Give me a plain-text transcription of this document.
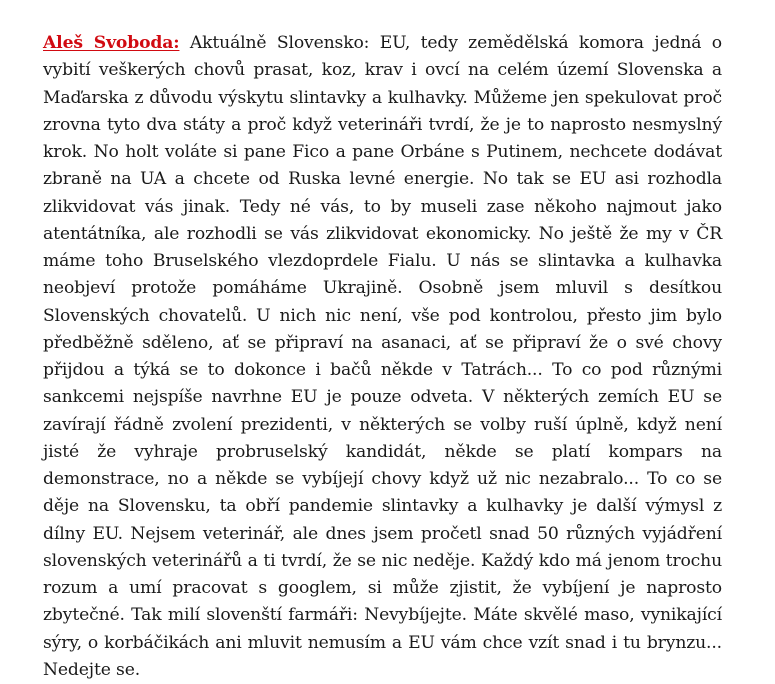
Aleš Svoboda: Aktuálně Slovensko: EU, tedy zemědělská komora jedná o vybití veškerých chovů prasat, koz, krav i ovcí na celém území Slovenska a Maďarska z důvodu výskytu slintavky a kulhavky. Můžeme jen spekulovat proč zrovna tyto dva státy a proč když veterináři tvrdí, že je to naprosto nesmyslný krok. No holt voláte si pane Fico a pane Orbáne s Putinem, nechcete dodávat zbraně na UA a chcete od Ruska levné energie. No tak se EU asi rozhodla zlikvidovat vás jinak. Tedy né vás, to by museli zase někoho najmout jako atentátníka, ale rozhodli se vás zlikvidovat ekonomicky. No ještě že my v ČR máme toho Bruselského vlezdoprdele Fialu. U nás se slintavka a kulhavka neobjeví protože pomáháme Ukrajině. Osobně jsem mluvil s desítkou Slovenských chovatelů. U nich nic není, vše pod kontrolou, přesto jim bylo předběžně sděleno, ať se připraví na asanaci, ať se připraví že o své chovy přijdou a týká se to dokonce i bačů někde v Tatrách... To co pod různými sankcemi nejspíše navrhne EU je pouze odveta. V některých zemích EU se zavírají řádně zvolení prezidenti, v některých se volby ruší úplně, když není jisté že vyhraje probruselský kandidát, někde se platí kompars na demonstrace, no a někde se vybíjejí chovy když už nic nezabralo... To co se děje na Slovensku, ta obří pandemie slintavky a kulhavky je další výmysl z dílny EU. Nejsem veterinář, ale dnes jsem pročetl snad 50 různých vyjádření slovenských veterinářů a ti tvrdí, že se nic neděje. Každý kdo má jenom trochu rozum a umí pracovat s googlem, si může zjistit, že vybíjení je naprosto zbytečné. Tak milí slovenští farmáři: Nevybíjejte. Máte skvělé maso, vynikající sýry, o korbáčikách ani mluvit nemusím a EU vám chce vzít snad i tu brynzu... Nedejte se.
